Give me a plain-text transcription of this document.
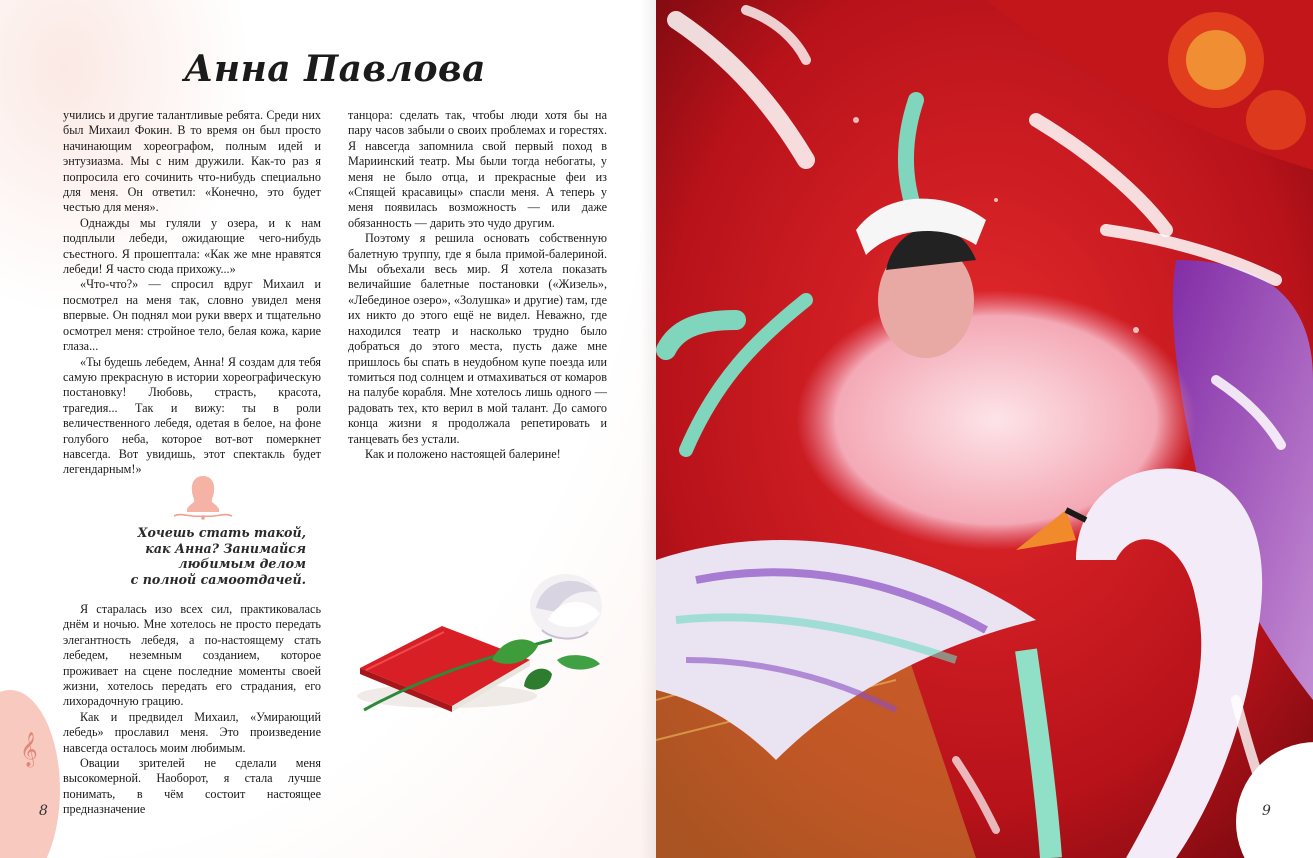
𝄞
Анна Павлова

учились и другие талантливые ребята. Среди них был Михаил Фокин. В то время он был просто начинающим хореографом, полным идей и энтузиазма. Мы с ним дружили. Как-то раз я попросила его сочинить что-нибудь специально для меня. Он ответил: «Конечно, это будет честью для меня».

Однажды мы гуляли у озера, и к нам подплыли лебеди, ожидающие чего-нибудь съестного. Я прошептала: «Как же мне нравятся лебеди! Я часто сюда прихожу...»

«Что-что?» — спросил вдруг Михаил и посмотрел на меня так, словно увидел меня впервые. Он поднял мои руки вверх и тщательно осмотрел меня: стройное тело, белая кожа, карие глаза...

«Ты будешь лебедем, Анна! Я создам для тебя самую прекрасную в истории хореографическую постановку! Любовь, страсть, красота, трагедия... Так и вижу: ты в роли величественного лебедя, одетая в белое, на фоне голубого неба, которое вот-вот померкнет навсегда. Вот увидишь, этот спектакль будет легендарным!»

Хочешь стать такой,
как Анна? Занимайся
любимым делом
с полной самоотдачей.

Я старалась изо всех сил, практиковалась днём и ночью. Мне хотелось не просто передать элегантность лебедя, а по-настоящему стать лебедем, неземным созданием, которое проживает на сцене последние моменты своей жизни, хотелось передать его страдания, его лихорадочную грацию.

Как и предвидел Михаил, «Умирающий лебедь» прославил меня. Это произведение навсегда осталось моим любимым.

Овации зрителей не сделали меня высокомерной. Наоборот, я стала лучше понимать, в чём состоит настоящее предназначение

танцора: сделать так, чтобы люди хотя бы на пару часов забыли о своих проблемах и горестях. Я навсегда запомнила свой первый поход в Мариинский театр. Мы были тогда небогаты, у меня не было отца, и прекрасные феи из «Спящей красавицы» спасли меня. А теперь у меня появилась возможность — или даже обязанность — дарить это чудо другим.

Поэтому я решила основать собственную балетную труппу, где я была примой-балериной. Мы объехали весь мир. Я хотела показать величайшие балетные постановки («Жизель», «Лебединое озеро», «Золушка» и другие) там, где их никто до этого ещё не видел. Неважно, где находился театр и насколько трудно было добраться до этого места, пусть даже мне пришлось бы спать в неудобном купе поезда или томиться под солнцем и отмахиваться от комаров на палубе корабля. Мне хотелось лишь одного — радовать тех, кто верил в мой талант. До самого конца жизни я продолжала репетировать и танцевать без устали.

Как и положено настоящей балерине!

8	9
